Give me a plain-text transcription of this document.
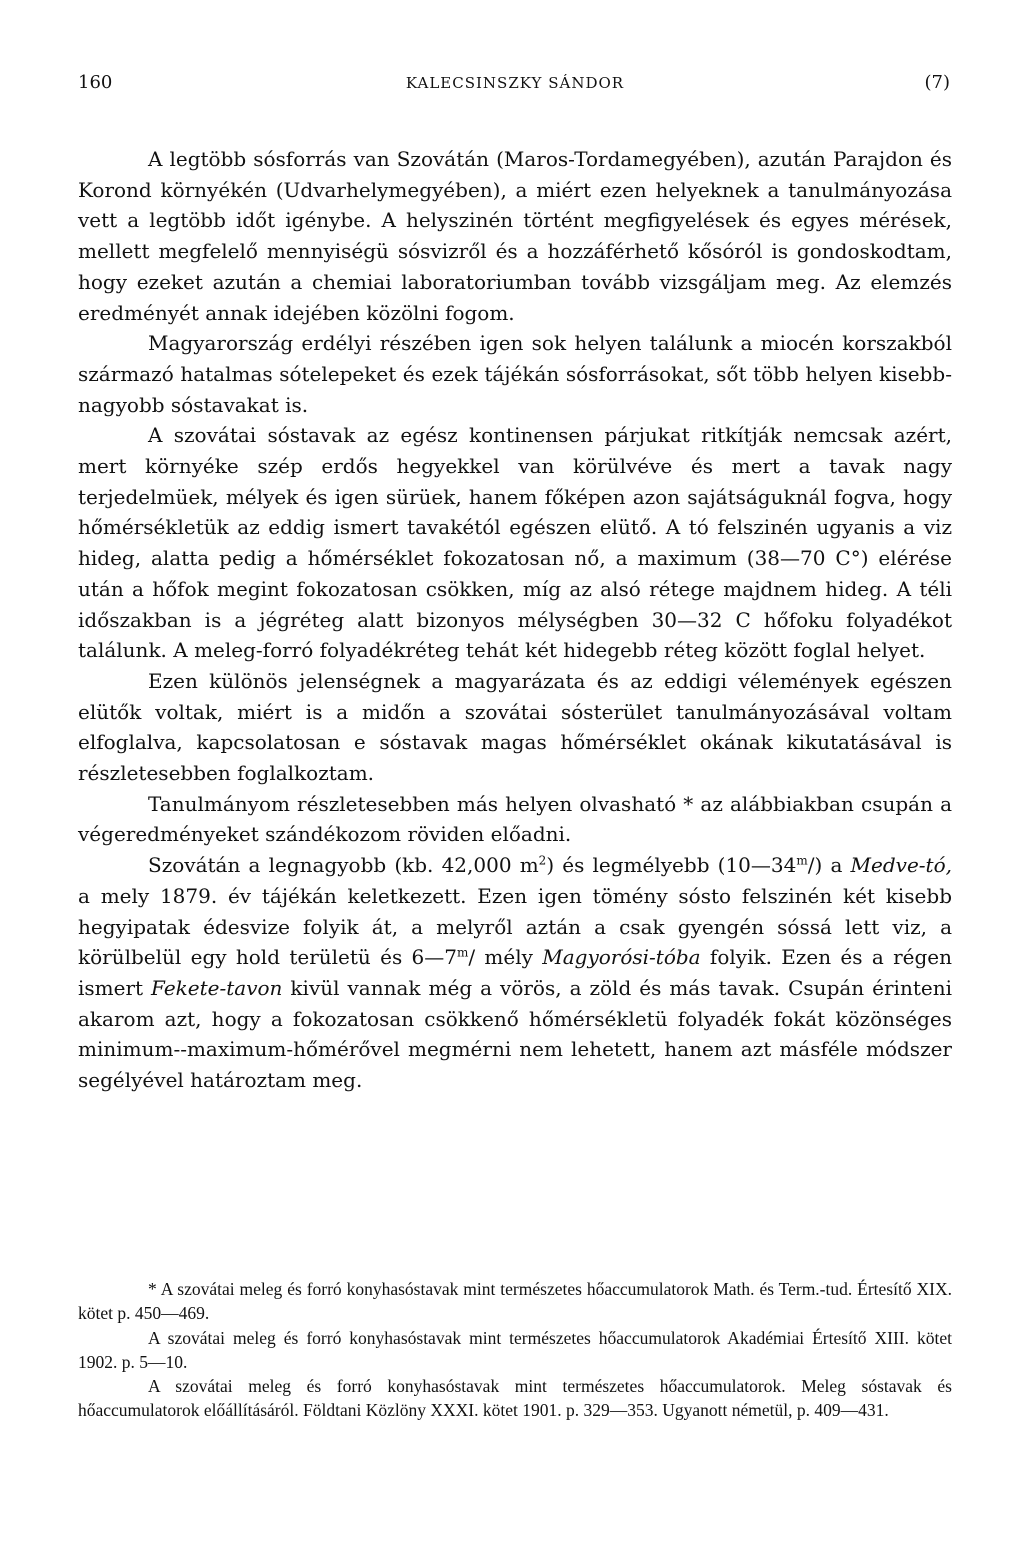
160	KALECSINSZKY SÁNDOR	(7)

A legtöbb sósforrás van Szovátán (Maros-Tordamegyében), azután Parajdon és Korond környékén (Udvarhelymegyében), a miért ezen helyeknek a tanulmányozása vett a legtöbb időt igénybe. A helyszinén történt megfigyelések és egyes mérések, mellett megfelelő mennyiségü sósvizről és a hozzáférhető kősóról is gondoskodtam, hogy ezeket azután a chemiai laboratoriumban tovább vizsgáljam meg. Az elemzés eredményét annak idejében közölni fogom.

Magyarország erdélyi részében igen sok helyen találunk a miocén korszakból származó hatalmas sótelepeket és ezek tájékán sósforrásokat, sőt több helyen kisebb-nagyobb sóstavakat is.

A szovátai sóstavak az egész kontinensen párjukat ritkítják nemcsak azért, mert környéke szép erdős hegyekkel van körülvéve és mert a tavak nagy terjedelmüek, mélyek és igen sürüek, hanem főképen azon sajátságuknál fogva, hogy hőmérsékletük az eddig ismert tavakétól egészen elütő. A tó felszinén ugyanis a viz hideg, alatta pedig a hőmérséklet fokozatosan nő, a maximum (38—70 C°) elérése után a hőfok megint fokozatosan csökken, míg az alsó rétege majdnem hideg. A téli időszakban is a jégréteg alatt bizonyos mélységben 30—32 C hőfoku folyadékot találunk. A meleg-forró folyadékréteg tehát két hidegebb réteg között foglal helyet.

Ezen különös jelenségnek a magyarázata és az eddigi vélemények egészen elütők voltak, miért is a midőn a szovátai sósterület tanulmányozásával voltam elfoglalva, kapcsolatosan e sóstavak magas hőmérséklet okának kikutatásával is részletesebben foglalkoztam.

Tanulmányom részletesebben más helyen olvasható * az alábbiakban csupán a végeredményeket szándékozom röviden előadni.

Szovátán a legnagyobb (kb. 42,000 $m^2$) és legmélyebb (10—34$^m$/) a Medve-tó, a mely 1879. év tájékán keletkezett. Ezen igen tömény sósto felszinén két kisebb hegyipatak édesvize folyik át, a melyről aztán a csak gyengén sóssá lett viz, a körülbelül egy hold területü és 6—7$^m$/ mély Magyorósi-tóba folyik. Ezen és a régen ismert Fekete-tavon kivül vannak még a vörös, a zöld és más tavak. Csupán érinteni akarom azt, hogy a fokozatosan csökkenő hőmérsékletü folyadék fokát közönséges minimum--maximum-hőmérővel megmérni nem lehetett, hanem azt másféle módszer segélyével határoztam meg.

* A szovátai meleg és forró konyhasóstavak mint természetes hőaccumulatorok Math. és Term.-tud. Értesítő XIX. kötet p. 450—469.

A szovátai meleg és forró konyhasóstavak mint természetes hőaccumulatorok Akadémiai Értesítő XIII. kötet 1902. p. 5—10.

A szovátai meleg és forró konyhasóstavak mint természetes hőaccumulatorok. Meleg sóstavak és hőaccumulatorok előállításáról. Földtani Közlöny XXXI. kötet 1901. p. 329—353. Ugyanott németül, p. 409—431.
